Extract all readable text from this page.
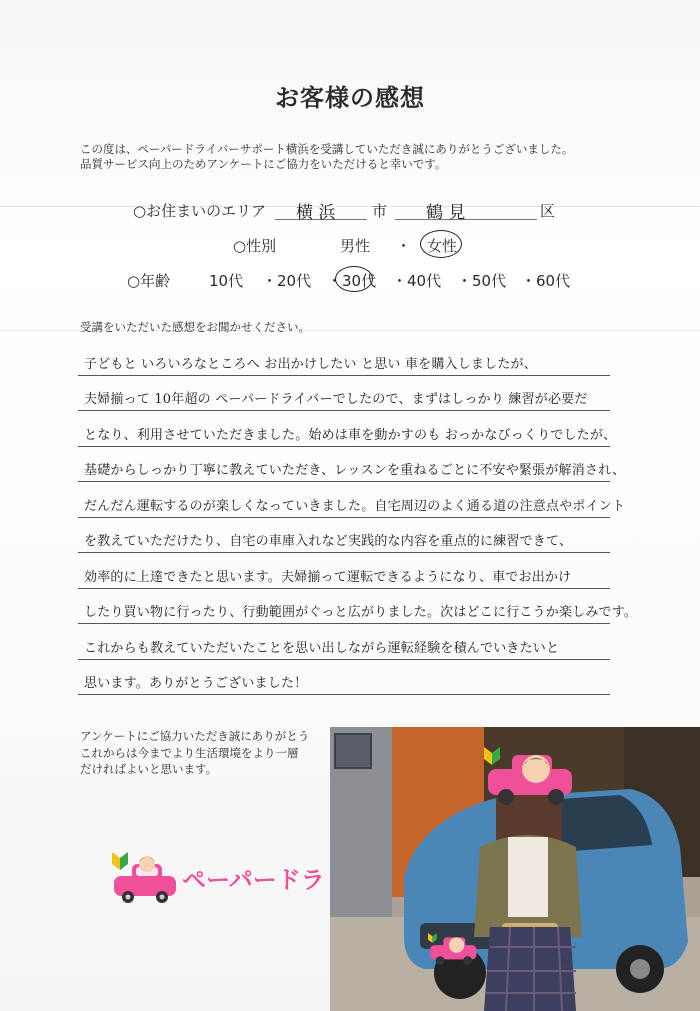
お客様の感想
この度は、ペーパードライバーサポート横浜を受講していただき誠にありがとうございました。
品質サービス向上のためアンケートにご協力をいただけると幸いです。
○お住まいのエリア 横 浜 市 鶴 見	区
○性別	男性 ・ 女性
○年齢	10代 ・20代 ・30代 ・40代 ・50代 ・60代
受講をいただいた感想をお聞かせください。
子どもと いろいろなところへ お出かけしたい と思い 車を購入しましたが、
夫婦揃って 10年超の ペーパードライバーでしたので、まずはしっかり 練習が必要だ
となり、利用させていただきました。始めは車を動かすのも おっかなびっくりでしたが、
基礎からしっかり丁寧に教えていただき、レッスンを重ねるごとに不安や緊張が解消され、
だんだん運転するのが楽しくなっていきました。自宅周辺のよく通る道の注意点やポイント
を教えていただけたり、自宅の車庫入れなど実践的な内容を重点的に練習できて、
効率的に上達できたと思います。夫婦揃って運転できるようになり、車でお出かけ
したり買い物に行ったり、行動範囲がぐっと広がりました。次はどこに行こうか楽しみです。
これからも教えていただいたことを思い出しながら運転経験を積んでいきたいと
思います。ありがとうございました！
アンケートにご協力いただき誠にありがとう
これからは今までより生活環境をより一層
だければよいと思います。
ペーパードラ
